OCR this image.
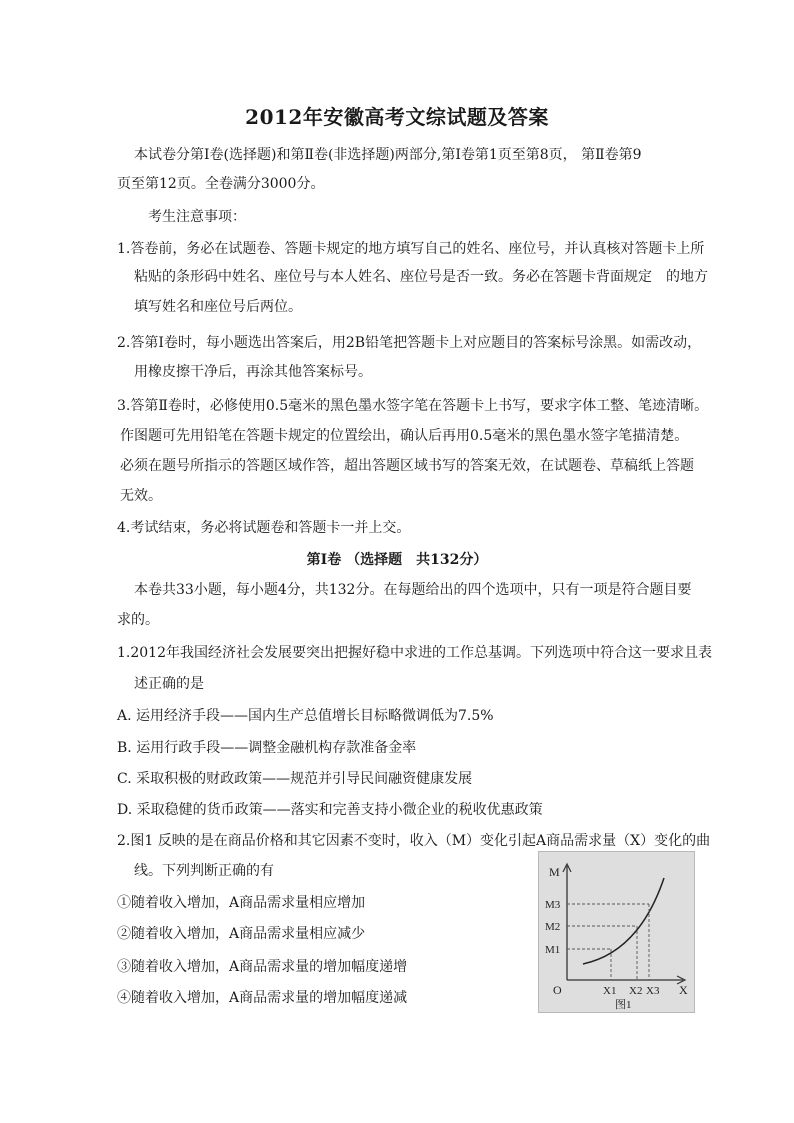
2012年安徽高考文综试题及答案
本试卷分第Ⅰ卷(选择题)和第Ⅱ卷(非选择题)两部分,第Ⅰ卷第1页至第8页， 第Ⅱ卷第9
页至第12页。全卷满分3000分。
考生注意事项：
1.答卷前，务必在试题卷、答题卡规定的地方填写自己的姓名、座位号，并认真核对答题卡上所
粘贴的条形码中姓名、座位号与本人姓名、座位号是否一致。务必在答题卡背面规定　的地方
填写姓名和座位号后两位。
2.答第Ⅰ卷时，每小题选出答案后，用2B铅笔把答题卡上对应题目的答案标号涂黑。如需改动，
用橡皮擦干净后，再涂其他答案标号。
3.答第Ⅱ卷时，必修使用0.5毫米的黑色墨水签字笔在答题卡上书写，要求字体工整、笔迹清晰。
作图题可先用铅笔在答题卡规定的位置绘出，确认后再用0.5毫米的黑色墨水签字笔描清楚。
必须在题号所指示的答题区域作答，超出答题区域书写的答案无效，在试题卷、草稿纸上答题
无效。
4.考试结束，务必将试题卷和答题卡一并上交。
第Ⅰ卷 （选择题　共132分）
本卷共33小题，每小题4分，共132分。在每题给出的四个选项中，只有一项是符合题目要
求的。
1.2012年我国经济社会发展要突出把握好稳中求进的工作总基调。下列选项中符合这一要求且表
述正确的是
A. 运用经济手段——国内生产总值增长目标略微调低为7.5%
B. 运用行政手段——调整金融机构存款准备金率
C. 采取积极的财政政策——规范并引导民间融资健康发展
D. 采取稳健的货币政策——落实和完善支持小微企业的税收优惠政策
2.图1 反映的是在商品价格和其它因素不变时，收入（M）变化引起A商品需求量（X）变化的曲
线。下列判断正确的有
①随着收入增加，A商品需求量相应增加
②随着收入增加，A商品需求量相应减少
③随着收入增加，A商品需求量的增加幅度递增
④随着收入增加，A商品需求量的增加幅度递减
M
M3
M2
M1
O	X1 X2 X3 X
图1
